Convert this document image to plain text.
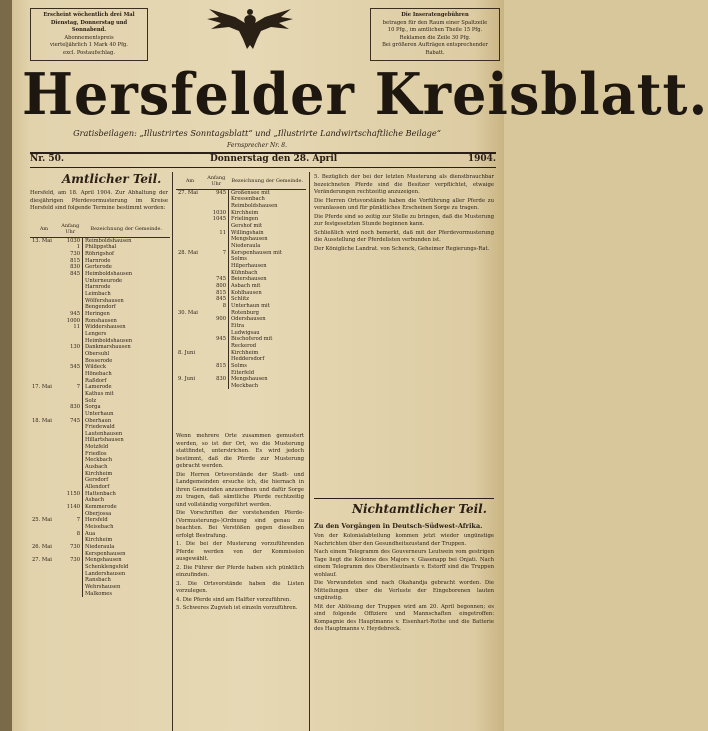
Erscheint wöchentlich drei Mal

Dienstag, Donnerstag und Sonnabend.

Abonnementspreis

vierteljährlich 1 Mark 40 Pfg.

excl. Postaufschlag.

Die Inseratengebühren

betragen für den Raum einer Spaltzeile

10 Pfg., im amtlichen Theile 15 Pfg.

Reklamen die Zeile 30 Pfg.

Bei größeren Aufträgen entsprechender

Rabatt.

Hersfelder Kreisblatt.
Gratisbeilagen: „Illustrirtes Sonntagsblatt“ und „Illustrirte Landwirtschaftliche Beilage“
Fernsprecher Nr. 8.
Nr. 50.	Donnerstag den 28. April	1904.
Amtlicher Teil.
Hersfeld, am 18. April 1904. Zur Abhaltung der diesjährigen Pferdevormusterung im Kreise Hersfeld sind folgende Termine bestimmt worden:
Am	Anfang Uhr	Bezeichnung der Gemeinde.
13. Mai	1030	Reimboldshausen
	1	Philippsthal
	730	Röhrigshof
	815	Harnrode
	830	Gerterode
	845	Heimboldshausen
		Unterneurode
		Harnrode
		Leimbach
		Wölfershausen
		Bengendorf
	945	Heringen
	1000	Ronshausen
	11	Widdershausen
		Lengers
		Heimboldshausen
	130	Dankmarshausen
		Obersuhl
		Bosserode
	545	Wildeck
		Hönebach
		Raßdorf
17. Mai	7	Lamerode
		Kathus mit
		Solz
	830	Sorga
		Unterhaun
18. Mai	745	Oberhaun
		Friedewald
		Lautenhausen
		Hillartshausen
		Motzfeld
		Friedlos
		Meckbach
		Ausbach
		Kirchheim
		Gersdorf
		Allendorf
	1150	Hattenbach
		Asbach
	1140	Kemmerode
		Oberjossa
25. Mai	7	Hersfeld
		Meisebach
	8	Aua
		Kirchheim
26. Mai	730	Niederaula
		Kerspenhausen
27. Mai	730	Mengshausen
		Schenklengsfeld
		Landershausen
		Ransbach
		Wehrshausen
		Malkomes
Am	Anfang Uhr	Bezeichnung der Gemeinde.
27. Mai	945	Großensee mit
		Kressenbach
		Reimboldshausen
	1030	Kirchheim
	1045	Frielingen
		Gershof mit
	11	Willingshain
		Mengshausen
		Niederaula
28. Mai	7	Kerspenhausen mit
		Solms
		Hilperhausen
		Kühnbach
	745	Beiershausen
	800	Asbach mit
	815	Kohlhausen
	845	Schlitz
	8	Unterhaun mit
30. Mai		Rotenburg
	900	Odershausen
		Eitra
		Ludwigsau
	945	Bischofsrod mit
		Reckerod
8. Juni		Kirchheim
		Heddersdorf
	815	Solms
		Eiterfeld
9. Juni	830	Mengshausen
		Meckbach

Wenn mehrere Orte zusammen gemustert werden, so ist der Ort, wo die Musterung stattfindet, unterstrichen. Es wird jedoch bestimmt, daß die Pferde zur Musterung gebracht werden.

Die Herren Ortsvorstände der Stadt- und Landgemeinden ersuche ich, die hiernach in ihren Gemeinden anzuordnen und dafür Sorge zu tragen, daß sämtliche Pferde rechtzeitig und vollständig vorgeführt werden.

Die Vorschriften der vorstehenden Pferde-(Vormusterungs-)Ordnung sind genau zu beachten. Bei Verstößen gegen dieselben erfolgt Bestrafung.

1. Die bei der Musterung vorzuführenden Pferde werden von der Kommission ausgewählt.

2. Die Führer der Pferde haben sich pünktlich einzufinden.

3. Die Ortsvorstände haben die Listen vorzulegen.

4. Die Pferde sind am Halfter vorzuführen.

5. Schweres Zugvieh ist einzeln vorzuführen.

5. Bezüglich der bei der letzten Musterung als dienstbrauchbar bezeichneten Pferde sind die Besitzer verpflichtet, etwaige Veränderungen rechtzeitig anzuzeigen.

Die Herren Ortsvorstände haben die Vorführung aller Pferde zu veranlassen und für pünktliches Erscheinen Sorge zu tragen.

Die Pferde sind so zeitig zur Stelle zu bringen, daß die Musterung zur festgesetzten Stunde beginnen kann.

Schließlich wird noch bemerkt, daß mit der Pferdevormusterung die Ausstellung der Pferdelisten verbunden ist.

Der Königliche Landrat. von Schenck, Geheimer Regierungs-Rat.

Nichtamtlicher Teil.
Zu den Vorgängen in Deutsch-Südwest-Afrika.

Von der Kolonialabteilung kommen jetzt wieder ungünstige Nachrichten über den Gesundheitszustand der Truppen.

Nach einem Telegramm des Gouverneurs Leutwein vom gestrigen Tage liegt die Kolonne des Majors v. Glasenapp bei Onjati. Nach einem Telegramm des Oberstleutnants v. Estorff sind die Truppen wohlauf.

Die Verwundeten sind nach Okahandja gebracht worden. Die Mitteilungen über die Verluste der Eingeborenen lauten ungünstig.

Mit der Ablösung der Truppen wird am 20. April begonnen; es sind folgende Offiziere und Mannschaften eingetroffen: Kompagnie des Hauptmanns v. Eisenhart-Rothe und die Batterie des Hauptmanns v. Heydebreck.
